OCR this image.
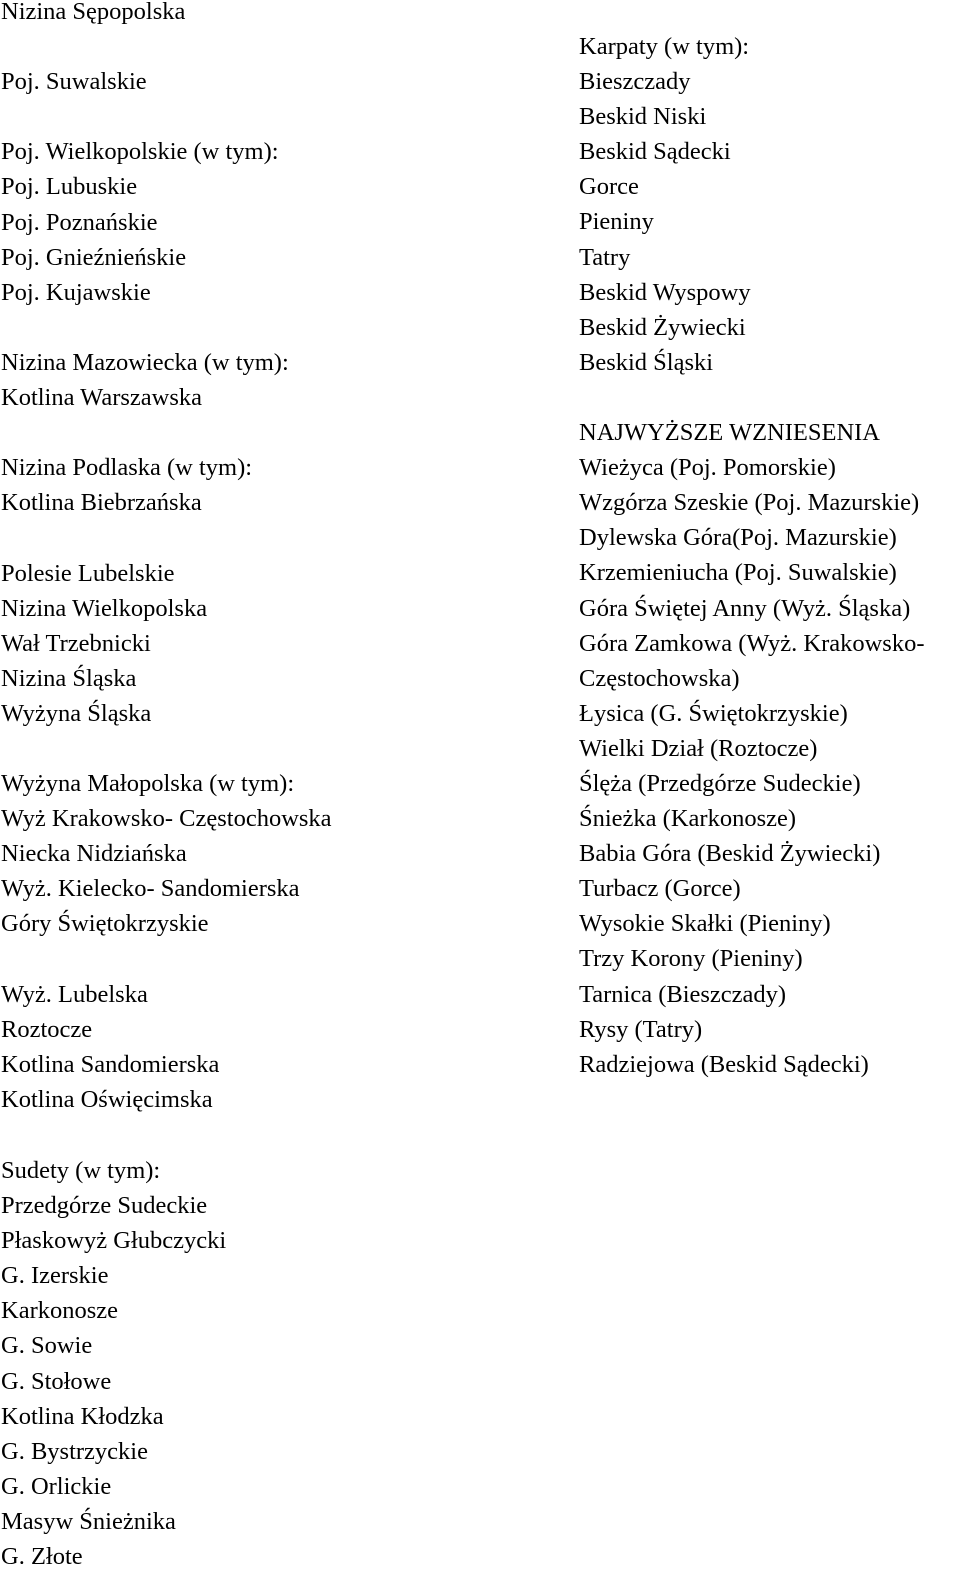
Nizina Sępopolska
Poj. Suwalskie
Poj. Wielkopolskie (w tym):
Poj. Lubuskie
Poj. Poznańskie
Poj. Gnieźnieńskie
Poj. Kujawskie
Nizina Mazowiecka (w tym):
Kotlina Warszawska
Nizina Podlaska (w tym):
Kotlina Biebrzańska
Polesie Lubelskie
Nizina Wielkopolska
Wał Trzebnicki
Nizina Śląska
Wyżyna Śląska
Wyżyna Małopolska (w tym):
Wyż Krakowsko- Częstochowska
Niecka Nidziańska
Wyż. Kielecko- Sandomierska
Góry Świętokrzyskie
Wyż. Lubelska
Roztocze
Kotlina Sandomierska
Kotlina Oświęcimska
Karpaty (w tym):
Bieszczady
Beskid Niski
Beskid Sądecki
Gorce
Pieniny
Tatry
Beskid Wyspowy
Beskid Żywiecki
Beskid Śląski
NAJWYŻSZE WZNIESENIA
Wieżyca (Poj. Pomorskie)
Wzgórza Szeskie (Poj. Mazurskie)
Dylewska Góra(Poj. Mazurskie)
Krzemieniucha (Poj. Suwalskie)
Góra Świętej Anny (Wyż. Śląska)
Góra Zamkowa (Wyż. Krakowsko-
Częstochowska)
Łysica (G. Świętokrzyskie)
Wielki Dział (Roztocze)
Ślęża (Przedgórze Sudeckie)
Śnieżka (Karkonosze)
Babia Góra (Beskid Żywiecki)
Turbacz (Gorce)
Wysokie Skałki (Pieniny)
Trzy Korony (Pieniny)
Tarnica (Bieszczady)
Rysy (Tatry)
Radziejowa (Beskid Sądecki)
Sudety (w tym):
Przedgórze Sudeckie
Płaskowyż Głubczycki
G. Izerskie
Karkonosze
G. Sowie
G. Stołowe
Kotlina Kłodzka
G. Bystrzyckie
G. Orlickie
Masyw Śnieżnika
G. Złote
